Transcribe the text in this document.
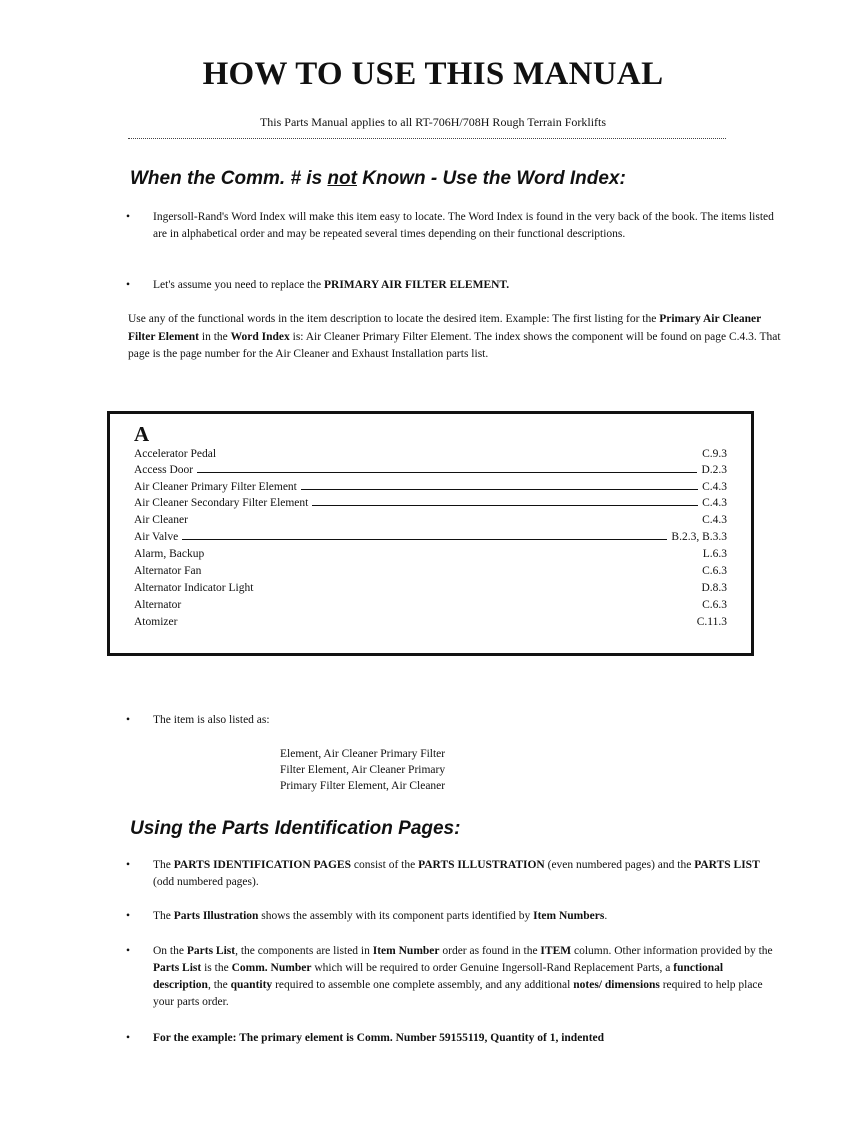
HOW TO USE THIS MANUAL
This Parts Manual applies to all RT-706H/708H Rough Terrain Forklifts
When the Comm. # is not Known - Use the Word Index:
•	Ingersoll-Rand's Word Index will make this item easy to locate. The Word Index is found in the very back of the book. The items listed are in alphabetical order and may be repeated several times depending on their functional descriptions.
•	Let's assume you need to replace the PRIMARY AIR FILTER ELEMENT.
Use any of the functional words in the item description to locate the desired item. Example: The first listing for the Primary Air Cleaner Filter Element in the Word Index is: Air Cleaner Primary Filter Element. The index shows the component will be found on page C.4.3. That page is the page number for the Air Cleaner and Exhaust Installation parts list.
A
Accelerator Pedal	C.9.3
Access Door	D.2.3
Air Cleaner Primary Filter Element	C.4.3
Air Cleaner Secondary Filter Element	C.4.3
Air Cleaner	C.4.3
Air Valve	B.2.3, B.3.3
Alarm, Backup	L.6.3
Alternator Fan	C.6.3
Alternator Indicator Light	D.8.3
Alternator	C.6.3
Atomizer	C.11.3
•	The item is also listed as:
Element, Air Cleaner Primary Filter
Filter Element, Air Cleaner Primary
Primary Filter Element, Air Cleaner
Using the Parts Identification Pages:
•	The PARTS IDENTIFICATION PAGES consist of the PARTS ILLUSTRATION (even numbered pages) and the PARTS LIST (odd numbered pages).
•	The Parts Illustration shows the assembly with its component parts identified by Item Numbers.
•	On the Parts List, the components are listed in Item Number order as found in the ITEM column. Other information provided by the Parts List is the Comm. Number which will be required to order Genuine Ingersoll-Rand Replacement Parts, a functional description, the quantity required to assemble one complete assembly, and any additional notes/ dimensions required to help place your parts order.
•	For the example: The primary element is Comm. Number 59155119, Quantity of 1, indented
